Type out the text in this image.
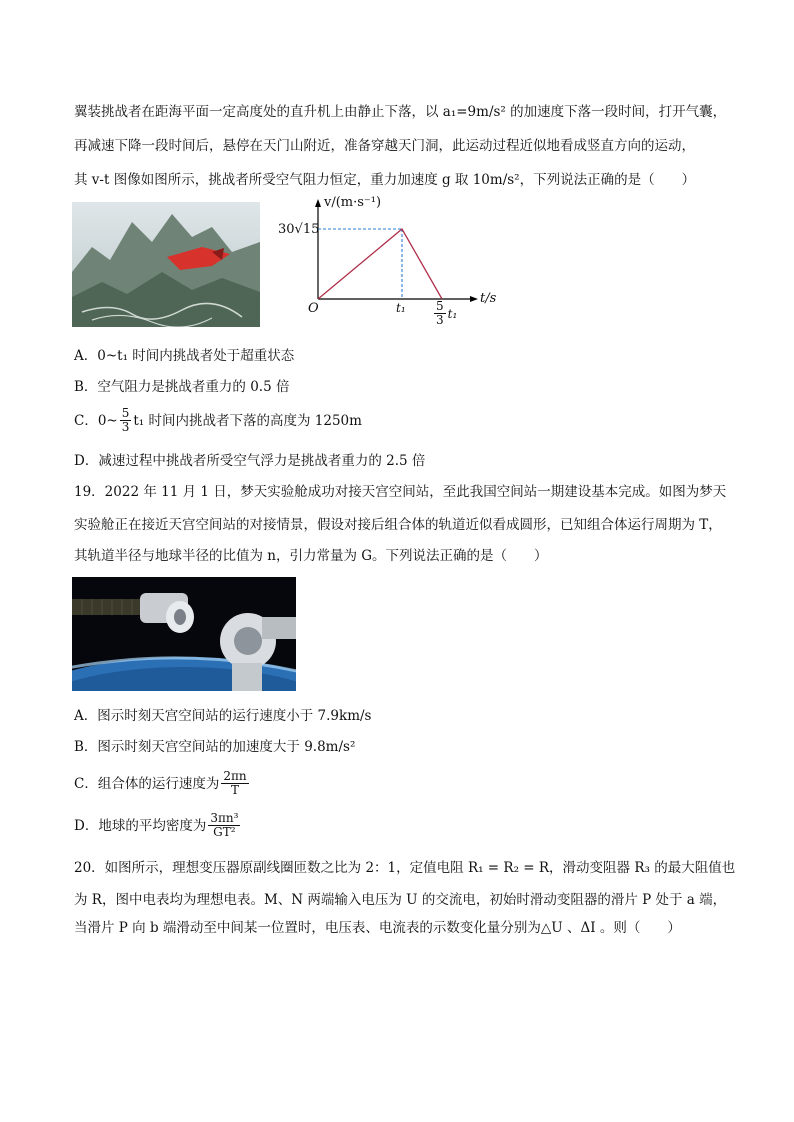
翼装挑战者在距海平面一定高度处的直升机上由静止下落，以 a₁=9m/s² 的加速度下落一段时间，打开气囊，
再减速下降一段时间后，悬停在天门山附近，准备穿越天门洞，此运动过程近似地看成竖直方向的运动，
其 v-t 图像如图所示，挑战者所受空气阻力恒定，重力加速度 g 取 10m/s²，下列说法正确的是（　　）
v/(m·s⁻¹)
30√15
t/s
O	$t_1 \frac{5}{3} t_1$
A．0~t₁ 时间内挑战者处于超重状态
B．空气阻力是挑战者重力的 0.5 倍
C．0~ $\frac{5}{3} t_1$ 时间内挑战者下落的高度为 1250m
D．减速过程中挑战者所受空气浮力是挑战者重力的 2.5 倍
19．2022 年 11 月 1 日，梦天实验舱成功对接天宫空间站，至此我国空间站一期建设基本完成。如图为梦天
实验舱正在接近天宫空间站的对接情景，假设对接后组合体的轨道近似看成圆形，已知组合体运行周期为 T，
其轨道半径与地球半径的比值为 n，引力常量为 G。下列说法正确的是（　　）
A．图示时刻天宫空间站的运行速度小于 7.9km/s
B．图示时刻天宫空间站的加速度大于 9.8m/s²
C．组合体的运行速度为 $\frac{2\pi n}{T}$
D．地球的平均密度为 $\frac{\text{3πn³}}{\text{GT²}}$
20．如图所示，理想变压器原副线圈匝数之比为 2：1，定值电阻 R₁ = R₂ = R，滑动变阻器 R₃ 的最大阻值也
为 R，图中电表均为理想电表。M、N 两端输入电压为 U 的交流电，初始时滑动变阻器的滑片 P 处于 a 端，
当滑片 P 向 b 端滑动至中间某一位置时，电压表、电流表的示数变化量分别为△U 、ΔI 。则（　　）
